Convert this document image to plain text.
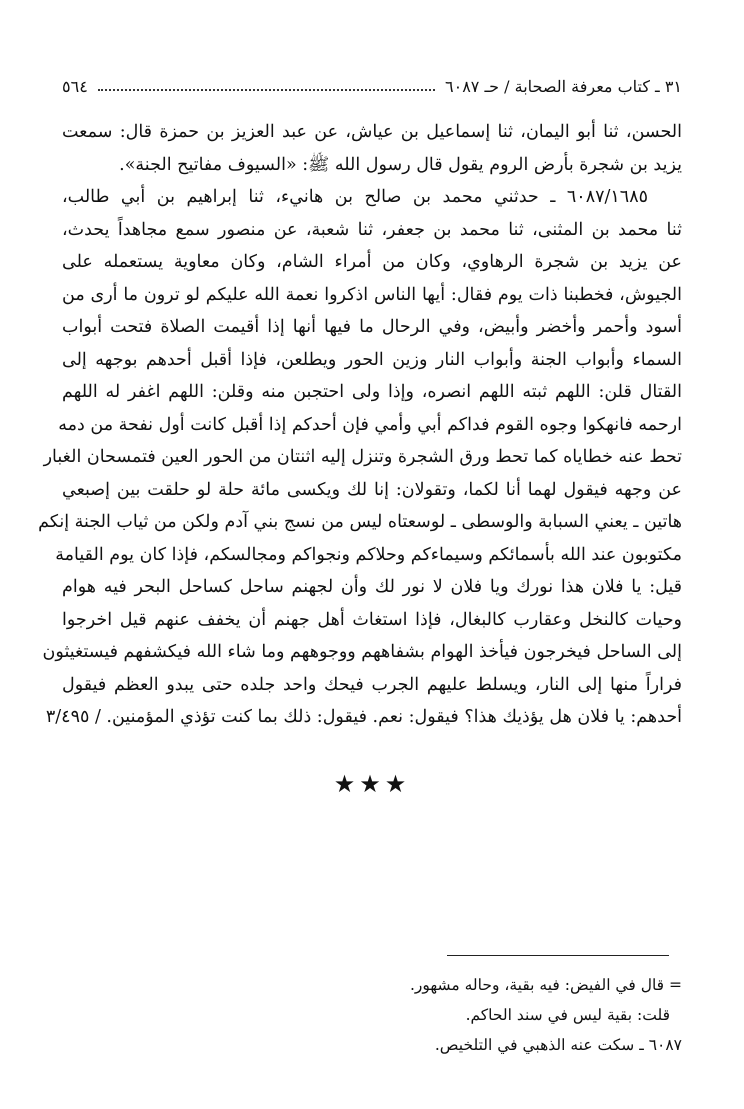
٣١ ـ كتاب معرفة الصحابة / حـ ٦٠٨٧
٥٦٤
الحسن، ثنا أبو اليمان، ثنا إسماعيل بن عياش، عن عبد العزيز بن حمزة قال: سمعت
يزيد بن شجرة بأرض الروم يقول قال رسول الله ﷺ: «السيوف مفاتيح الجنة».
٦٠٨٧/١٦٨٥ ـ حدثني محمد بن صالح بن هانيء، ثنا إبراهيم بن أبي طالب،
ثنا محمد بن المثنى، ثنا محمد بن جعفر، ثنا شعبة، عن منصور سمع مجاهداً يحدث،
عن يزيد بن شجرة الرهاوي، وكان من أمراء الشام، وكان معاوية يستعمله على
الجيوش، فخطبنا ذات يوم فقال: أيها الناس اذكروا نعمة الله عليكم لو ترون ما أرى من
أسود وأحمر وأخضر وأبيض، وفي الرحال ما فيها أنها إذا أقيمت الصلاة فتحت أبواب
السماء وأبواب الجنة وأبواب النار وزين الحور ويطلعن، فإذا أقبل أحدهم بوجهه إلى
القتال قلن: اللهم ثبته اللهم انصره، وإذا ولى احتجبن منه وقلن: اللهم اغفر له اللهم
ارحمه فانهكوا وجوه القوم فداكم أبي وأمي فإن أحدكم إذا أقبل كانت أول نفحة من دمه
تحط عنه خطاياه كما تحط ورق الشجرة وتنزل إليه اثنتان من الحور العين فتمسحان الغبار
عن وجهه فيقول لهما أنا لكما، وتقولان: إنا لك ويكسى مائة حلة لو حلقت بين إصبعي
هاتين ـ يعني السبابة والوسطى ـ لوسعتاه ليس من نسج بني آدم ولكن من ثياب الجنة إنكم
مكتوبون عند الله بأسمائكم وسيماءكم وحلاكم ونجواكم ومجالسكم، فإذا كان يوم القيامة
قيل: يا فلان هذا نورك ويا فلان لا نور لك وأن لجهنم ساحل كساحل البحر فيه هوام
وحيات كالنخل وعقارب كالبغال، فإذا استغاث أهل جهنم أن يخفف عنهم قيل اخرجوا
إلى الساحل فيخرجون فيأخذ الهوام بشفاههم ووجوههم وما شاء الله فيكشفهم فيستغيثون
فراراً منها إلى النار، ويسلط عليهم الجرب فيحك واحد جلده حتى يبدو العظم فيقول
أحدهم: يا فلان هل يؤذيك هذا؟ فيقول: نعم. فيقول: ذلك بما كنت تؤذي المؤمنين. / ٣/٤٩٥
★★★
= قال في الفيض: فيه بقية، وحاله مشهور.
قلت: بقية ليس في سند الحاكم.
٦٠٨٧ ـ سكت عنه الذهبي في التلخيص.
